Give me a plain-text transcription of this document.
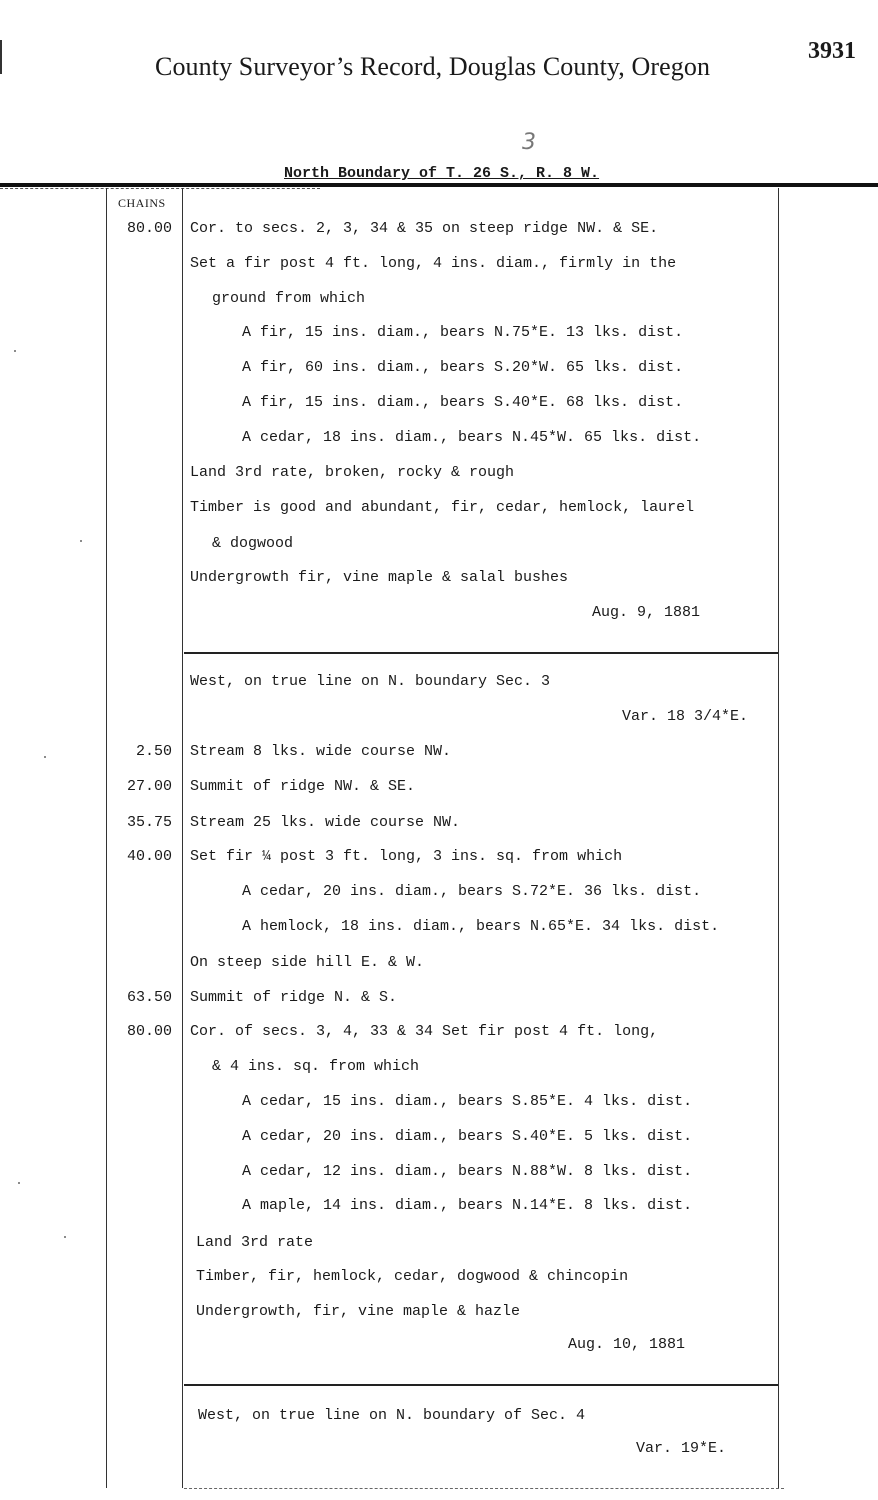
County Surveyor’s Record, Douglas County, Oregon
3931
3
North Boundary of T. 26 S., R. 8 W.
CHAINS
80.00 Cor. to secs. 2, 3, 34 & 35 on steep ridge NW. & SE.
Set a fir post 4 ft. long, 4 ins. diam., firmly in the
ground from which
A fir, 15 ins. diam., bears N.75*E. 13 lks. dist.
A fir, 60 ins. diam., bears S.20*W. 65 lks. dist.
A fir, 15 ins. diam., bears S.40*E. 68 lks. dist.
A cedar, 18 ins. diam., bears N.45*W. 65 lks. dist.
Land 3rd rate, broken, rocky & rough
Timber is good and abundant, fir, cedar, hemlock, laurel
& dogwood
Undergrowth fir, vine maple & salal bushes
Aug. 9, 1881
West, on true line on N. boundary Sec. 3
Var. 18 3/4*E.
2.50 Stream 8 lks. wide course NW.
27.00 Summit of ridge NW. & SE.
35.75 Stream 25 lks. wide course NW.
40.00 Set fir ¼ post 3 ft. long, 3 ins. sq. from which
A cedar, 20 ins. diam., bears S.72*E. 36 lks. dist.
A hemlock, 18 ins. diam., bears N.65*E. 34 lks. dist.
On steep side hill E. & W.
63.50 Summit of ridge N. & S.
80.00 Cor. of secs. 3, 4, 33 & 34 Set fir post 4 ft. long,
& 4 ins. sq. from which
A cedar, 15 ins. diam., bears S.85*E. 4 lks. dist.
A cedar, 20 ins. diam., bears S.40*E. 5 lks. dist.
A cedar, 12 ins. diam., bears N.88*W. 8 lks. dist.
A maple, 14 ins. diam., bears N.14*E. 8 lks. dist.
Land 3rd rate
Timber, fir, hemlock, cedar, dogwood & chincopin
Undergrowth, fir, vine maple & hazle
Aug. 10, 1881
West, on true line on N. boundary of Sec. 4
Var. 19*E.
